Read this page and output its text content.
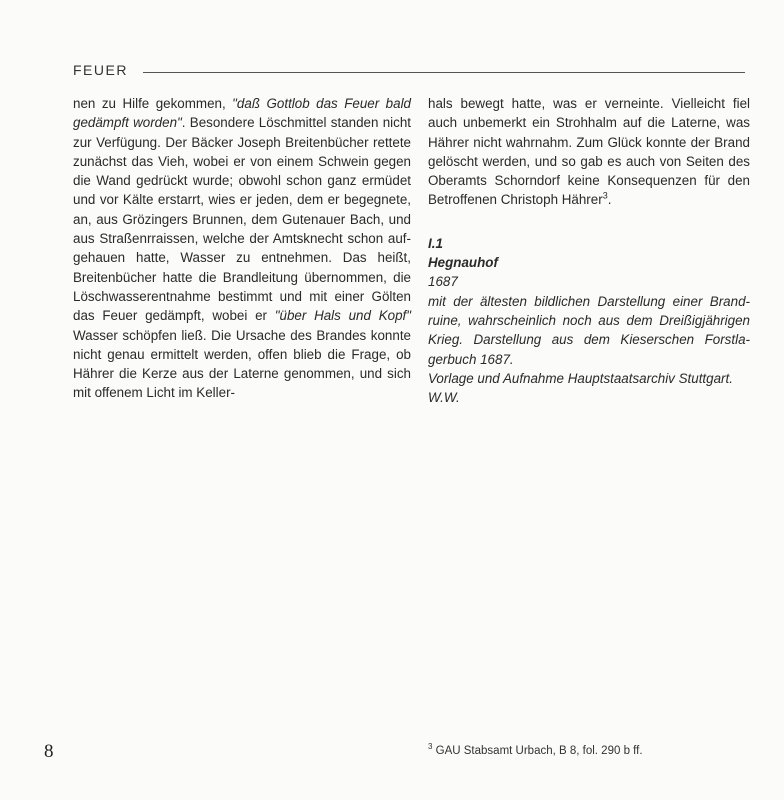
FEUER

nen zu Hilfe gekommen, "daß Gottlob das Feuer bald gedämpft worden". Besondere Löschmittel standen nicht zur Verfügung. Der Bäcker Joseph Breitenbücher rettete zunächst das Vieh, wobei er von einem Schwein gegen die Wand gedrückt wurde; obwohl schon ganz ermüdet und vor Kälte erstarrt, wies er jeden, dem er begegnete, an, aus Grözingers Brunnen, dem Gutenauer Bach, und aus Straßenrraissen, welche der Amtsknecht schon aufgehauen hatte, Wasser zu entnehmen. Das heißt, Breitenbücher hatte die Brandleitung übernommen, die Löschwasserentnahme bestimmt und mit einer Gölten das Feuer gedämpft, wobei er "über Hals und Kopf" Wasser schöpfen ließ. Die Ursache des Brandes konnte nicht genau ermittelt werden, offen blieb die Frage, ob Hährer die Kerze aus der Laterne genommen, und sich mit offenem Licht im Keller-

hals bewegt hatte, was er verneinte. Vielleicht fiel auch unbemerkt ein Strohhalm auf die Laterne, was Hährer nicht wahrnahm. Zum Glück konnte der Brand gelöscht werden, und so gab es auch von Seiten des Oberamts Schorndorf keine Konsequenzen für den Betroffenen Christoph Hährer$^3$.

I.1

Hegnauhof

1687

mit der ältesten bildlichen Darstellung einer Brandruine, wahrscheinlich noch aus dem Dreißigjährigen Krieg. Darstellung aus dem Kieserschen Forstlagerbuch 1687.

Vorlage und Aufnahme Hauptstaatsarchiv Stuttgart.

W.W.

8	$^3$ GAU Stabsamt Urbach, B 8, fol. 290 b ff.
